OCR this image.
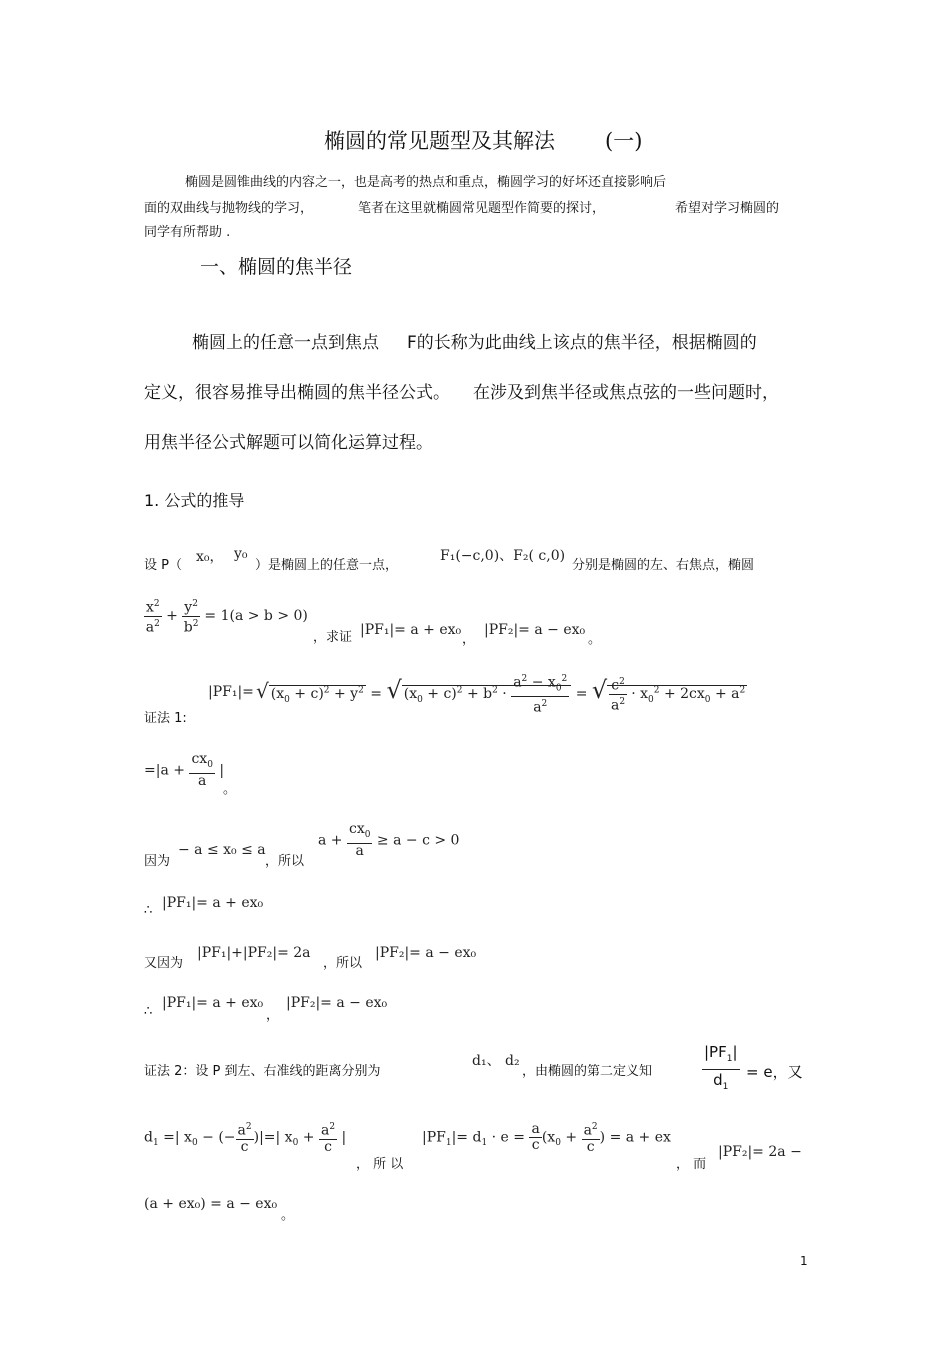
椭圆的常见题型及其解法 (一)
椭圆是圆锥曲线的内容之一，也是高考的热点和重点，椭圆学习的好坏还直接影响后
面的双曲线与抛物线的学习，	笔者在这里就椭圆常见题型作简要的探讨，	希望对学习椭圆的
同学有所帮助 .
一、椭圆的焦半径
椭圆上的任意一点到焦点 F的长称为此曲线上该点的焦半径，根据椭圆的
定义，很容易推导出椭圆的焦半径公式。 在涉及到焦半径或焦点弦的一些问题时，
用焦半径公式解题可以简化运算过程。
1. 公式的推导
设 P（
x₀， y₀
）是椭圆上的任意一点，
F₁(−c,0)、F₂( c,0)
分别是椭圆的左、右焦点，椭圆
$\frac{x^2}{a^2} + \frac{y^2}{b^2} = 1(a > b > 0)$
，求证 |PF₁|= a + ex₀
，
|PF₂|= a − ex₀
。
证法 1:
|PF₁|= √ $(x_0 + c)^2 + y^2$ = √ $(x_0 + c)^2 + b^2 \cdot \frac{a^2 - x_0^2}{a^2}$ = √ $\frac{c^2}{a^2} \cdot x_0^2 + 2cx_0 + a^2$
$=|a + \frac{cx_0}{a}$ |
。
因为
− a ≤ x₀ ≤ a
，所以
$a + \frac{cx_0}{a} \ge a - c > 0$
∴ |PF₁|= a + ex₀
又因为
|PF₁|+|PF₂|= 2a
，所以
|PF₂|= a − ex₀
∴
|PF₁|= a + ex₀
，
|PF₂|= a − ex₀
证法 2：设 P 到左、右准线的距离分别为
d₁、 d₂
，由椭圆的第二定义知	$\frac{|PF_1|}{d_1} = e$，又
$d_1$ =| $x_0$ − (− $\frac{a^2}{c}$ )|=| $x_0 + \frac{a^2}{c}$ |
， 所 以
$|PF_1|= d_1 \cdot e = \frac{a}{c} (x_0 + \frac{a^2}{c}$ ) = a + ex
， 而
|PF₂|= 2a −
(a + ex₀) = a − ex₀
。
1
